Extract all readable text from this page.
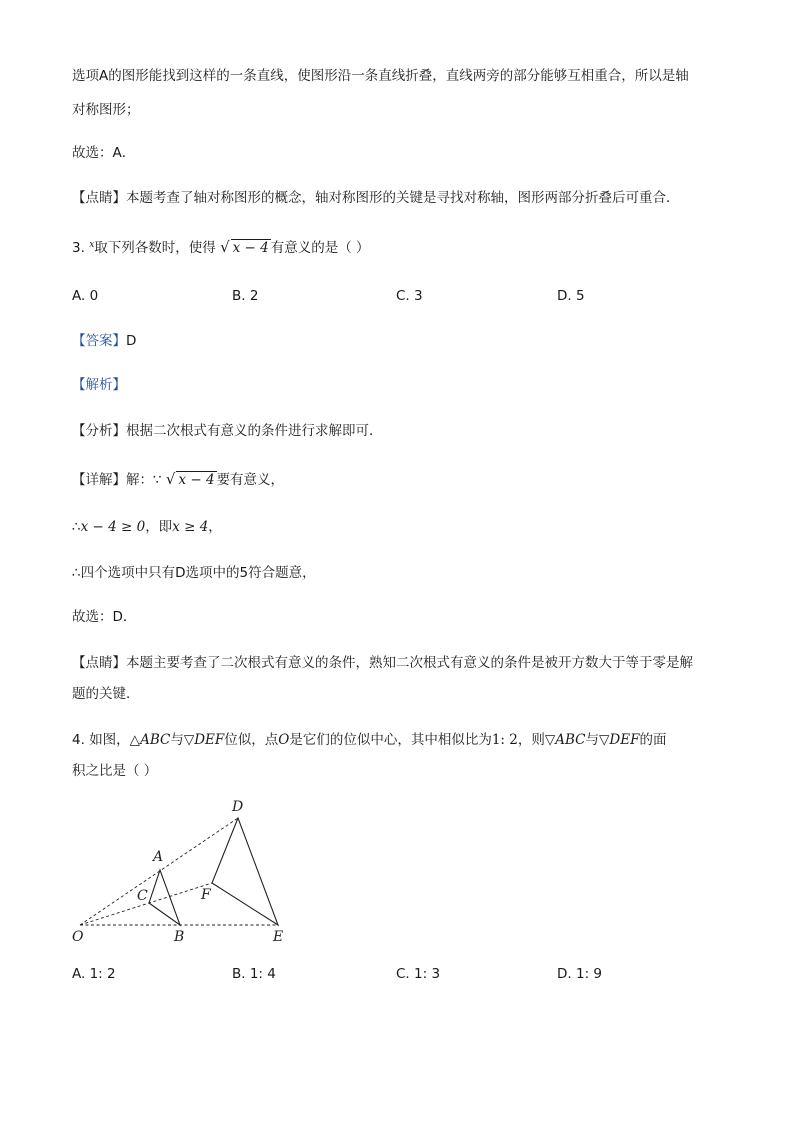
选项A的图形能找到这样的一条直线，使图形沿一条直线折叠，直线两旁的部分能够互相重合，所以是轴
对称图形；
故选：A．
【点睛】本题考查了轴对称图形的概念，轴对称图形的关键是寻找对称轴，图形两部分折叠后可重合．
3. $^x$取下列各数时，使得 √ x − 4 有意义的是（ ）
A. 0	B. 2	C. 3	D. 5
【答案】D
【解析】
【分析】根据二次根式有意义的条件进行求解即可．
【详解】解：∵ √ x − 4 要有意义，
∴x − 4 ≥ 0，即x ≥ 4，
∴四个选项中只有D选项中的5符合题意，
故选：D．
【点睛】本题主要考查了二次根式有意义的条件，熟知二次根式有意义的条件是被开方数大于等于零是解
题的关键．
4. 如图，△ABC与▽DEF位似，点O是它们的位似中心，其中相似比为1: 2，则▽ABC与▽DEF的面
积之比是（ ）
D
A
C	F
O	B	E
A. 1: 2	B. 1: 4	C. 1: 3	D. 1: 9
